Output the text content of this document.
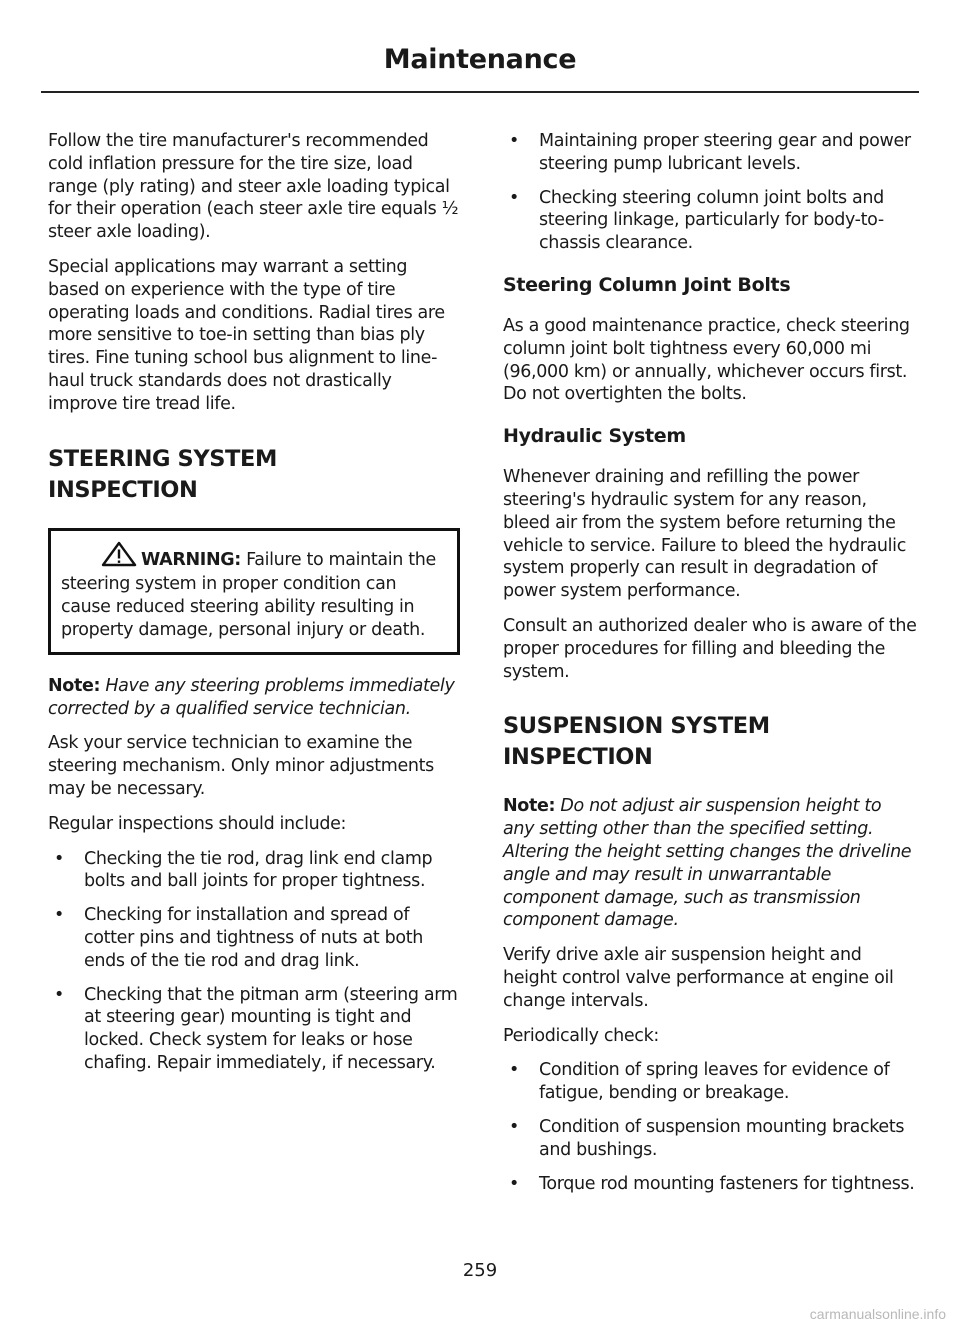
Maintenance

Follow the tire manufacturer's recommended cold inflation pressure for the tire size, load range (ply rating) and steer axle loading typical for their operation (each steer axle tire equals ½ steer axle loading).

Special applications may warrant a setting based on experience with the type of tire operating loads and conditions. Radial tires are more sensitive to toe-in setting than bias ply tires. Fine tuning school bus alignment to line-haul truck standards does not drastically improve tire tread life.

STEERING SYSTEM
INSPECTION
WARNING: Failure to maintain the steering system in proper condition can cause reduced steering ability resulting in property damage, personal injury or death.

Note: Have any steering problems immediately corrected by a qualified service technician.

Ask your service technician to examine the steering mechanism. Only minor adjustments may be necessary.

Regular inspections should include:

• Checking the tie rod, drag link end clamp bolts and ball joints for proper tightness.
• Checking for installation and spread of cotter pins and tightness of nuts at both ends of the tie rod and drag link.
• Checking that the pitman arm (steering arm at steering gear) mounting is tight and locked. Check system for leaks or hose chafing. Repair immediately, if necessary.
• Maintaining proper steering gear and power steering pump lubricant levels.
• Checking steering column joint bolts and steering linkage, particularly for body-to-chassis clearance.
Steering Column Joint Bolts

As a good maintenance practice, check steering column joint bolt tightness every 60,000 mi (96,000 km) or annually, whichever occurs first. Do not overtighten the bolts.

Hydraulic System

Whenever draining and refilling the power steering's hydraulic system for any reason, bleed air from the system before returning the vehicle to service. Failure to bleed the hydraulic system properly can result in degradation of power system performance.

Consult an authorized dealer who is aware of the proper procedures for filling and bleeding the system.

SUSPENSION SYSTEM
INSPECTION

Note: Do not adjust air suspension height to any setting other than the specified setting. Altering the height setting changes the driveline angle and may result in unwarrantable component damage, such as transmission component damage.

Verify drive axle air suspension height and height control valve performance at engine oil change intervals.

Periodically check:

• Condition of spring leaves for evidence of fatigue, bending or breakage.
• Condition of suspension mounting brackets and bushings.
• Torque rod mounting fasteners for tightness.
259
carmanualsonline.info
